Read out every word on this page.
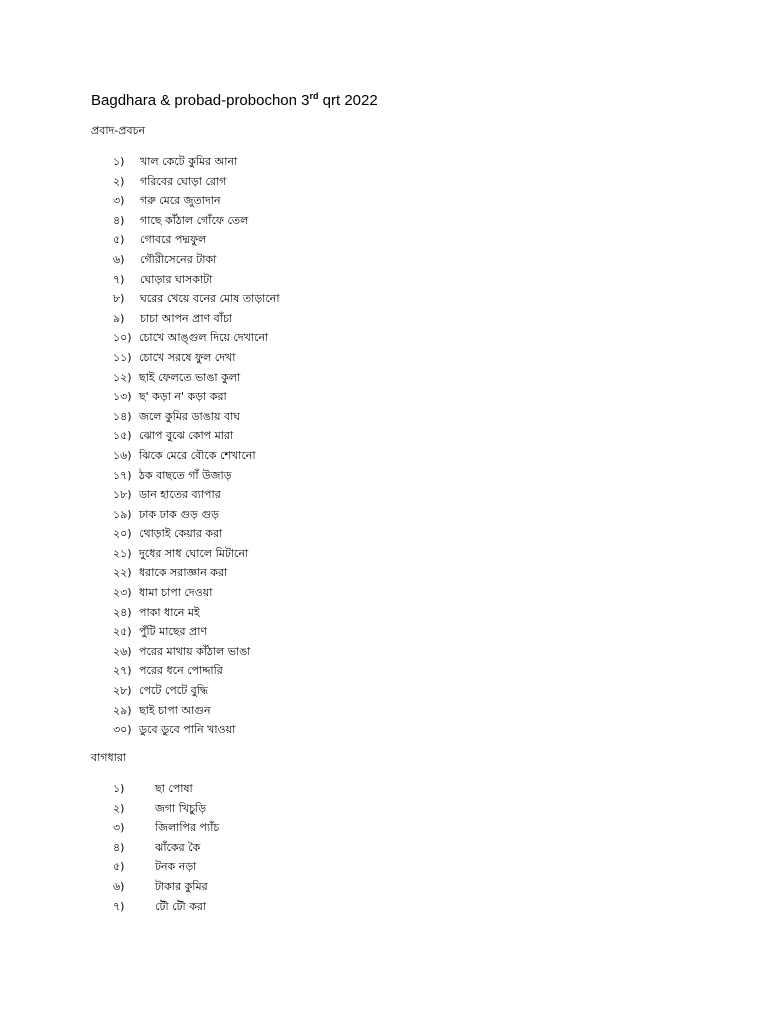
Bagdhara & probad-probochon 3rd qrt 2022
প্রবাদ-প্রবচন
১) খাল কেটে কুমির আনা
২) গরিবের ঘোড়া রোগ
৩) গরু মেরে জুতাদান
৪) গাছে কাঁঠাল গোঁফে তেল
৫) গোবরে পদ্মফুল
৬) গৌরীসেনের টাকা
৭) ঘোড়ার ঘাসকাটা
৮) ঘরের খেয়ে বনের মোষ তাড়ানো
৯) চাচা আপন প্রাণ বাঁচা
১০) চোখে আঙ্গুল দিয়ে দেখানো
১১) চোখে সরষে ফুল দেখা
১২) ছাই ফেলতে ভাঙা কুলা
১৩) ছ' কড়া ন' কড়া করা
১৪) জলে কুমির ডাঙায় বাঘ
১৫) ঝোপ বুঝে কোপ মারা
১৬) ঝিকে মেরে বৌকে শেখানো
১৭) ঠক বাছতে গাঁ উজাড়
১৮) ডান হাতের ব্যাপার
১৯) ঢাক ঢাক গুড় গুড়
২০) থোড়াই কেয়ার করা
২১) দুধের সাধ ঘোলে মিটানো
২২) ধরাকে সরাজ্ঞান করা
২৩) ধামা চাপা দেওয়া
২৪) পাকা ধানে মই
২৫) পুঁটি মাছের প্রাণ
২৬) পরের মাথায় কাঁঠাল ভাঙা
২৭) পরের ধনে পোদ্দারি
২৮) পেটে পেটে বুদ্ধি
২৯) ছাই চাপা আগুন
৩০) ডুবে ডুবে পানি খাওয়া
বাগধারা
১)	ছা পোষা
২)	জগা খিচুড়ি
৩)	জিলাপির প্যাঁচ
৪)	ঝাঁকের কৈ
৫)	টনক নড়া
৬)	টাকার কুমির
৭)	টৌ টৌ করা
